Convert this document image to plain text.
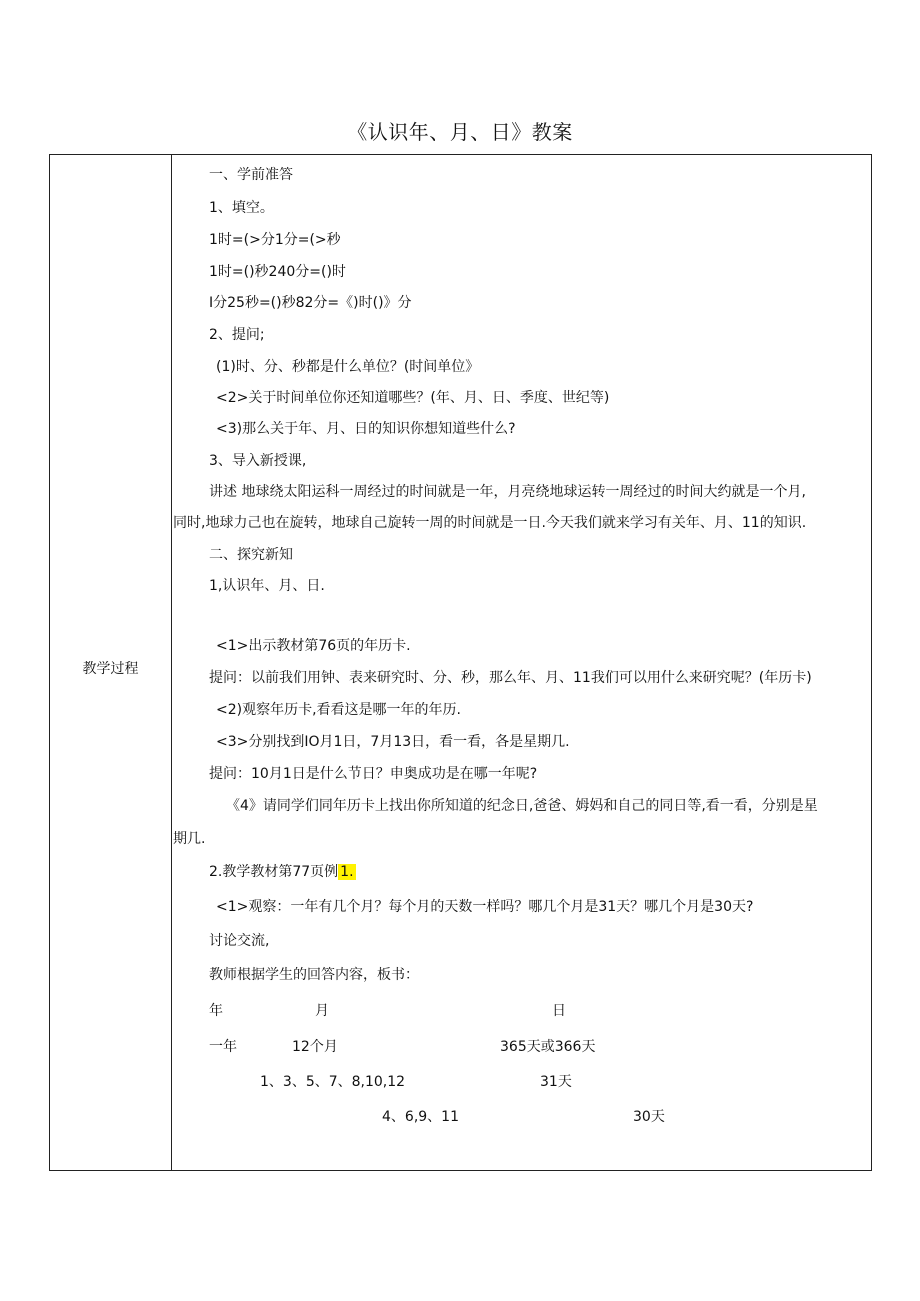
《认识年、月、日》教案
教学过程
一、学前准答
1、填空。
1时=(>分1分=(>秒
1时=()秒240分=()时
I分25秒=()秒82分=《)时()》分
2、提问;
(1)时、分、秒都是什么单位？(时间单位》
<2>关于时间单位你还知道哪些？(年、月、日、季度、世纪等)
<3)那么关于年、月、日的知识你想知道些什么?
3、导入新授课,
讲述 地球绕太阳运科一周经过的时间就是一年，月亮绕地球运转一周经过的时间大约就是一个月,
同时,地球力己也在旋转，地球自己旋转一周的时间就是一日.今天我们就来学习有关年、月、11的知识.
二、探究新知
1,认识年、月、日.
<1>出示教材第76页的年历卡.
提问：以前我们用钟、表来研究时、分、秒，那么年、月、11我们可以用什么来研究呢？(年历卡)
<2)观察年历卡,看看这是哪一年的年历.
<3>分别找到IO月1日，7月13日，看一看，各是星期几.
提问：10月1日是什么节日？申奥成功是在哪一年呢?
《4》请同学们同年历卡上找出你所知道的纪念日,爸爸、姆妈和自己的同日等,看一看，分别是星
期几.
2.教学教材第77页例 1.
<1>观察：一年有几个月？每个月的天数一样吗？哪几个月是31天？哪几个月是30天?
讨论交流,
教师根据学生的回答内容，板书：
年	月	日
一年	12个月	365天或366天
1、3、5、7、8,10,12	31天
4、6,9、11	30天
